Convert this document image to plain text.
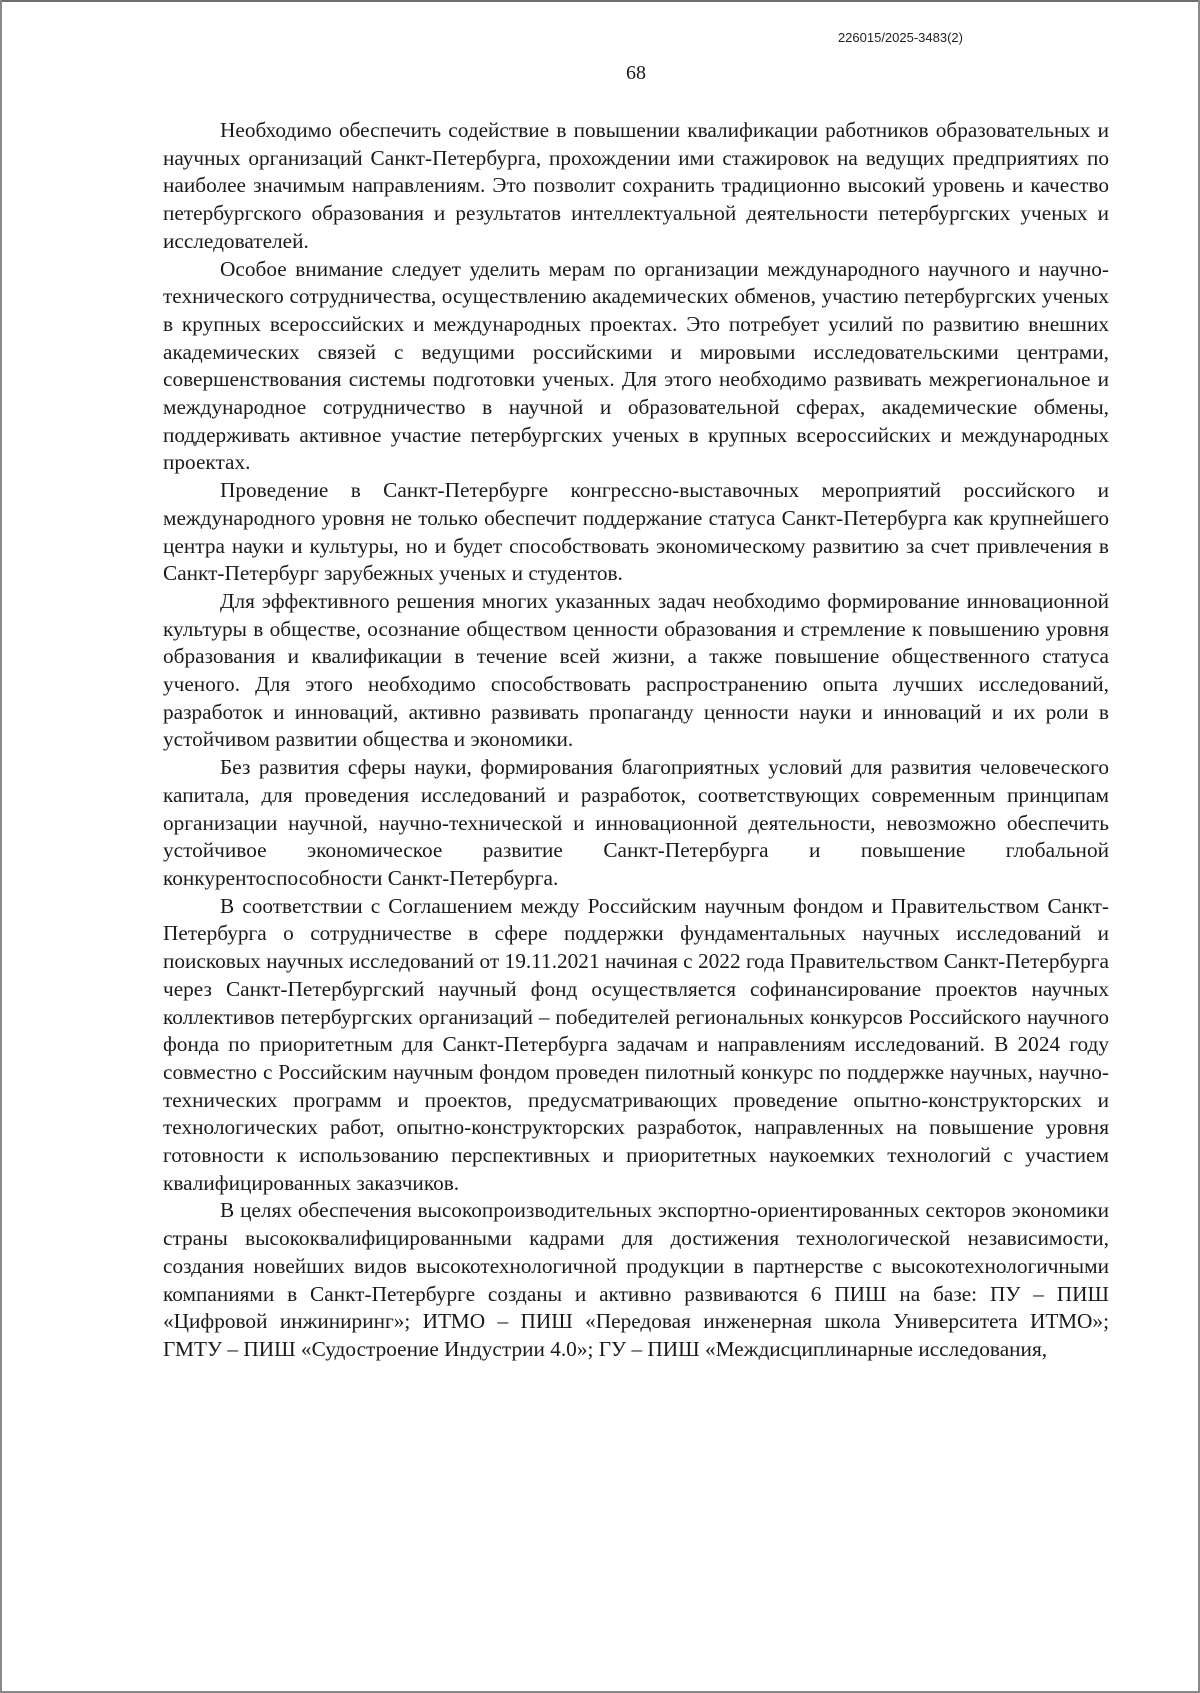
226015/2025-3483(2)
68

Необходимо обеспечить содействие в повышении квалификации работников образовательных и научных организаций Санкт-Петербурга, прохождении ими стажировок на ведущих предприятиях по наиболее значимым направлениям. Это позволит сохранить традиционно высокий уровень и качество петербургского образования и результатов интеллектуальной деятельности петербургских ученых и исследователей.

Особое внимание следует уделить мерам по организации международного научного и научно-технического сотрудничества, осуществлению академических обменов, участию петербургских ученых в крупных всероссийских и международных проектах. Это потребует усилий по развитию внешних академических связей с ведущими российскими и мировыми исследовательскими центрами, совершенствования системы подготовки ученых. Для этого необходимо развивать межрегиональное и международное сотрудничество в научной и образовательной сферах, академические обмены, поддерживать активное участие петербургских ученых в крупных всероссийских и международных проектах.

Проведение в Санкт-Петербурге конгрессно-выставочных мероприятий российского и международного уровня не только обеспечит поддержание статуса Санкт-Петербурга как крупнейшего центра науки и культуры, но и будет способствовать экономическому развитию за счет привлечения в Санкт-Петербург зарубежных ученых и студентов.

Для эффективного решения многих указанных задач необходимо формирование инновационной культуры в обществе, осознание обществом ценности образования и стремление к повышению уровня образования и квалификации в течение всей жизни, а также повышение общественного статуса ученого. Для этого необходимо способствовать распространению опыта лучших исследований, разработок и инноваций, активно развивать пропаганду ценности науки и инноваций и их роли в устойчивом развитии общества и экономики.

Без развития сферы науки, формирования благоприятных условий для развития человеческого капитала, для проведения исследований и разработок, соответствующих современным принципам организации научной, научно-технической и инновационной деятельности, невозможно обеспечить устойчивое экономическое развитие Санкт-Петербурга и повышение глобальной конкурентоспособности Санкт-Петербурга.

В соответствии с Соглашением между Российским научным фондом и Правительством Санкт-Петербурга о сотрудничестве в сфере поддержки фундаментальных научных исследований и поисковых научных исследований от 19.11.2021 начиная с 2022 года Правительством Санкт-Петербурга через Санкт-Петербургский научный фонд осуществляется софинансирование проектов научных коллективов петербургских организаций – победителей региональных конкурсов Российского научного фонда по приоритетным для Санкт-Петербурга задачам и направлениям исследований. В 2024 году совместно с Российским научным фондом проведен пилотный конкурс по поддержке научных, научно-технических программ и проектов, предусматривающих проведение опытно-конструкторских и технологических работ, опытно-конструкторских разработок, направленных на повышение уровня готовности к использованию перспективных и приоритетных наукоемких технологий с участием квалифицированных заказчиков.

В целях обеспечения высокопроизводительных экспортно-ориентированных секторов экономики страны высококвалифицированными кадрами для достижения технологической независимости, создания новейших видов высокотехнологичной продукции в партнерстве с высокотехнологичными компаниями в Санкт-Петербурге созданы и активно развиваются 6 ПИШ на базе: ПУ – ПИШ «Цифровой инжиниринг»; ИТМО – ПИШ «Передовая инженерная школа Университета ИТМО»; ГМТУ – ПИШ «Судостроение Индустрии 4.0»; ГУ – ПИШ «Междисциплинарные исследования,
